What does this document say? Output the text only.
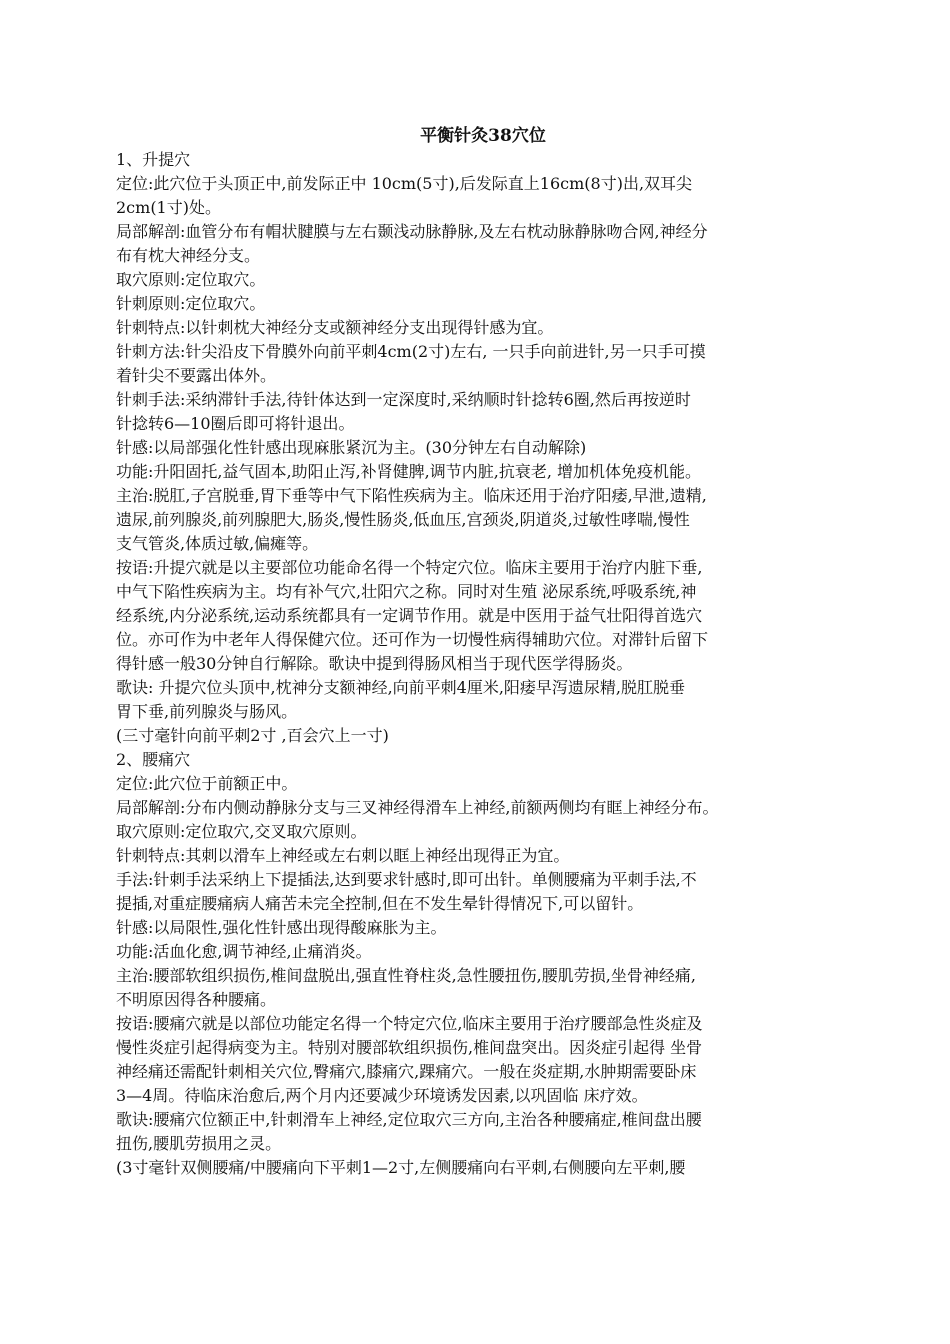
平衡针灸38穴位

1、升提穴

定位:此穴位于头顶正中,前发际正中 10cm(5寸),后发际直上16cm(8寸)出,双耳尖

2cm(1寸)处。

局部解剖:血管分布有帽状腱膜与左右颞浅动脉静脉,及左右枕动脉静脉吻合网,神经分

布有枕大神经分支。

取穴原则:定位取穴。

针刺原则:定位取穴。

针刺特点:以针刺枕大神经分支或额神经分支出现得针感为宜。

针刺方法:针尖沿皮下骨膜外向前平刺4cm(2寸)左右, 一只手向前进针,另一只手可摸

着针尖不要露出体外。

针刺手法:采纳滞针手法,待针体达到一定深度时,采纳顺时针捻转6圈,然后再按逆时

针捻转6—10圈后即可将针退出。

针感:以局部强化性针感出现麻胀紧沉为主。(30分钟左右自动解除)

功能:升阳固托,益气固本,助阳止泻,补肾健脾,调节内脏,抗衰老, 增加机体免疫机能。

主治:脱肛,子宫脱垂,胃下垂等中气下陷性疾病为主。临床还用于治疗阳痿,早泄,遗精,

遗尿,前列腺炎,前列腺肥大,肠炎,慢性肠炎,低血压,宫颈炎,阴道炎,过敏性哮喘,慢性

支气管炎,体质过敏,偏瘫等。

按语:升提穴就是以主要部位功能命名得一个特定穴位。临床主要用于治疗内脏下垂,

中气下陷性疾病为主。均有补气穴,壮阳穴之称。同时对生殖 泌尿系统,呼吸系统,神

经系统,内分泌系统,运动系统都具有一定调节作用。就是中医用于益气壮阳得首选穴

位。亦可作为中老年人得保健穴位。还可作为一切慢性病得辅助穴位。对滞针后留下

得针感一般30分钟自行解除。歌诀中提到得肠风相当于现代医学得肠炎。

歌诀: 升提穴位头顶中,枕神分支额神经,向前平刺4厘米,阳痿早泻遗尿精,脱肛脱垂

胃下垂,前列腺炎与肠风。

(三寸毫针向前平刺2寸 ,百会穴上一寸)

2、腰痛穴

定位:此穴位于前额正中。

局部解剖:分布内侧动静脉分支与三叉神经得滑车上神经,前额两侧均有眶上神经分布。

取穴原则:定位取穴,交叉取穴原则。

针刺特点:其刺以滑车上神经或左右刺以眶上神经出现得正为宜。

手法:针刺手法采纳上下提插法,达到要求针感时,即可出针。单侧腰痛为平刺手法,不

提插,对重症腰痛病人痛苦未完全控制,但在不发生晕针得情况下,可以留针。

针感:以局限性,强化性针感出现得酸麻胀为主。

功能:活血化愈,调节神经,止痛消炎。

主治:腰部软组织损伤,椎间盘脱出,强直性脊柱炎,急性腰扭伤,腰肌劳损,坐骨神经痛,

不明原因得各种腰痛。

按语:腰痛穴就是以部位功能定名得一个特定穴位,临床主要用于治疗腰部急性炎症及

慢性炎症引起得病变为主。特别对腰部软组织损伤,椎间盘突出。因炎症引起得 坐骨

神经痛还需配针刺相关穴位,臀痛穴,膝痛穴,踝痛穴。一般在炎症期,水肿期需要卧床

3—4周。待临床治愈后,两个月内还要减少环境诱发因素,以巩固临 床疗效。

歌诀:腰痛穴位额正中,针刺滑车上神经,定位取穴三方向,主治各种腰痛症,椎间盘出腰

扭伤,腰肌劳损用之灵。

(3寸毫针双侧腰痛/中腰痛向下平刺1—2寸,左侧腰痛向右平刺,右侧腰向左平刺,腰
